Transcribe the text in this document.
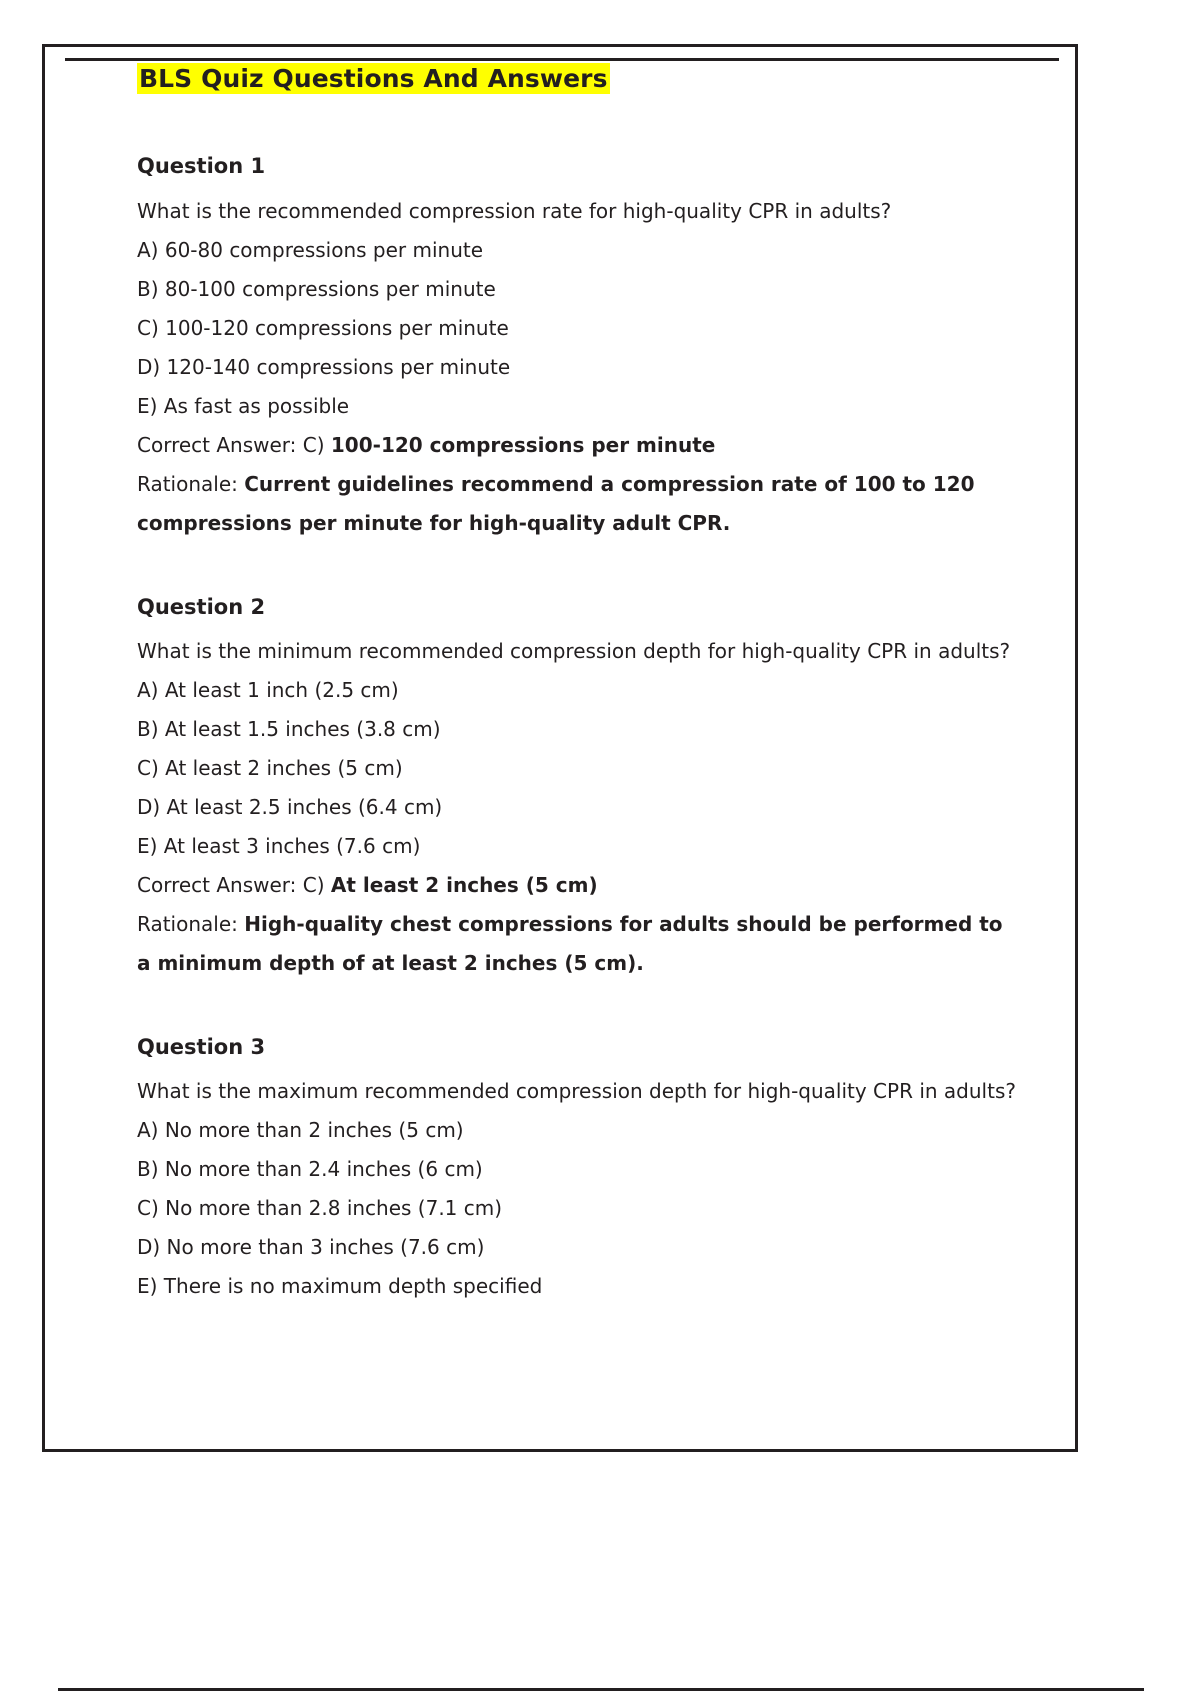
BLS Quiz Questions And Answers
Question 1
What is the recommended compression rate for high-quality CPR in adults?
A) 60-80 compressions per minute
B) 80-100 compressions per minute
C) 100-120 compressions per minute
D) 120-140 compressions per minute
E) As fast as possible
Correct Answer: C) 100-120 compressions per minute
Rationale: Current guidelines recommend a compression rate of 100 to 120 compressions per minute for high-quality adult CPR.
Question 2
What is the minimum recommended compression depth for high-quality CPR in adults?
A) At least 1 inch (2.5 cm)
B) At least 1.5 inches (3.8 cm)
C) At least 2 inches (5 cm)
D) At least 2.5 inches (6.4 cm)
E) At least 3 inches (7.6 cm)
Correct Answer: C) At least 2 inches (5 cm)
Rationale: High-quality chest compressions for adults should be performed to a minimum depth of at least 2 inches (5 cm).
Question 3
What is the maximum recommended compression depth for high-quality CPR in adults?
A) No more than 2 inches (5 cm)
B) No more than 2.4 inches (6 cm)
C) No more than 2.8 inches (7.1 cm)
D) No more than 3 inches (7.6 cm)
E) There is no maximum depth specified
